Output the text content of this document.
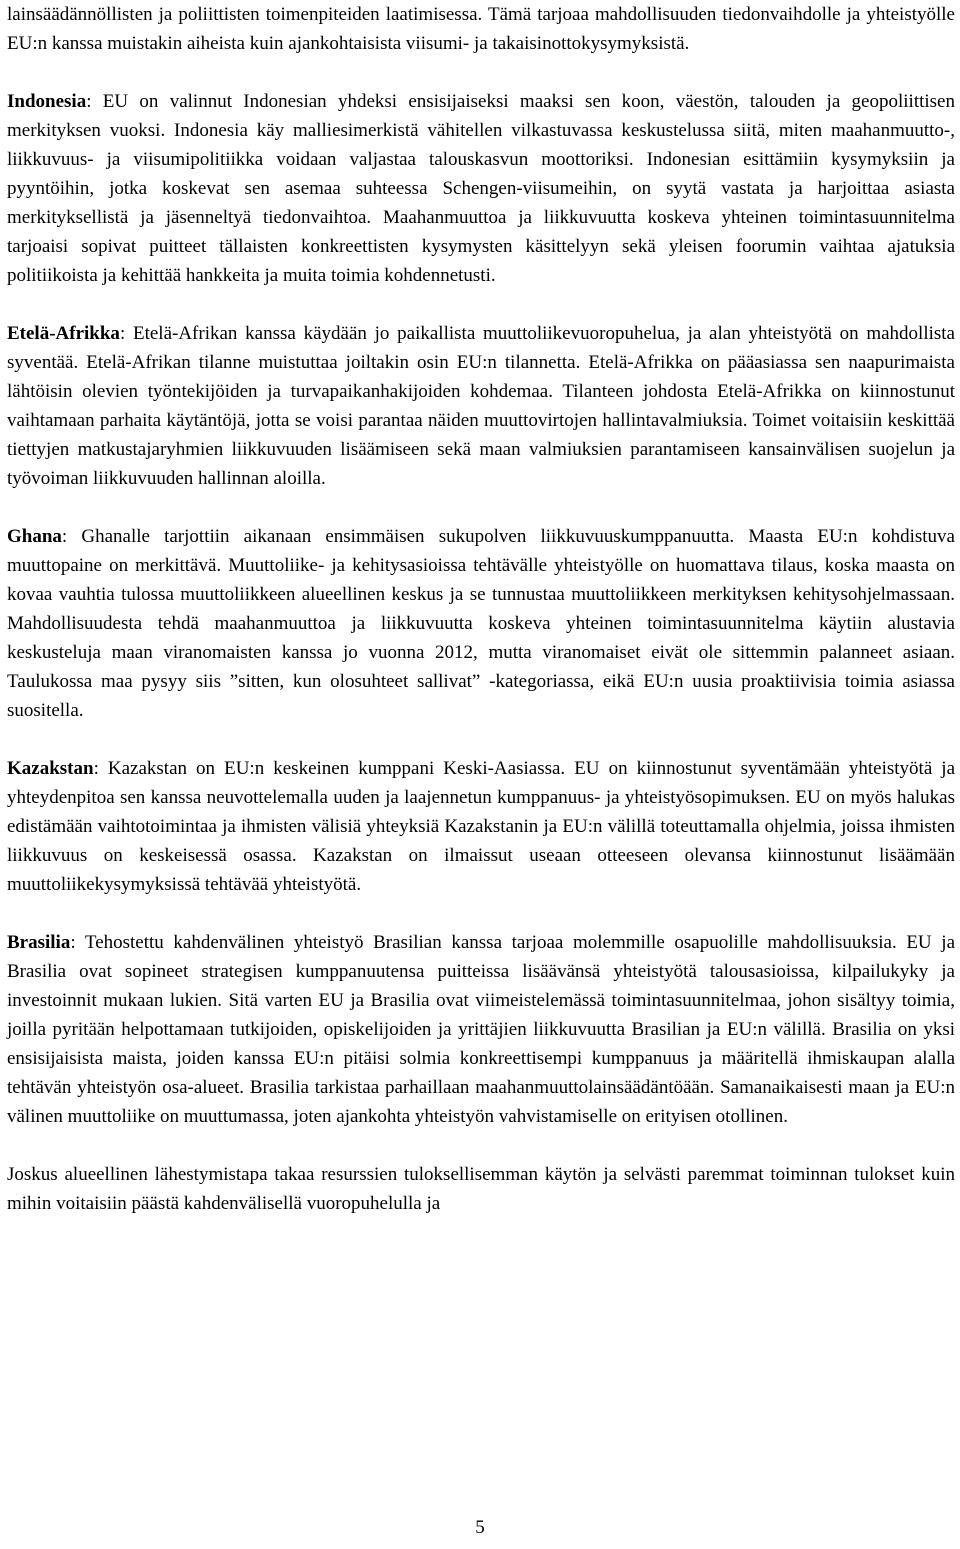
lainsäädännöllisten ja poliittisten toimenpiteiden laatimisessa. Tämä tarjoaa mahdollisuuden tiedonvaihdolle ja yhteistyölle EU:n kanssa muistakin aiheista kuin ajankohtaisista viisumi- ja takaisinottokysymyksistä.

Indonesia: EU on valinnut Indonesian yhdeksi ensisijaiseksi maaksi sen koon, väestön, talouden ja geopoliittisen merkityksen vuoksi. Indonesia käy malliesimerkistä vähitellen vilkastuvassa keskustelussa siitä, miten maahanmuutto-, liikkuvuus- ja viisumipolitiikka voidaan valjastaa talouskasvun moottoriksi. Indonesian esittämiin kysymyksiin ja pyyntöihin, jotka koskevat sen asemaa suhteessa Schengen-viisumeihin, on syytä vastata ja harjoittaa asiasta merkityksellistä ja jäsenneltyä tiedonvaihtoa. Maahanmuuttoa ja liikkuvuutta koskeva yhteinen toimintasuunnitelma tarjoaisi sopivat puitteet tällaisten konkreettisten kysymysten käsittelyyn sekä yleisen foorumin vaihtaa ajatuksia politiikoista ja kehittää hankkeita ja muita toimia kohdennetusti.

Etelä-Afrikka: Etelä-Afrikan kanssa käydään jo paikallista muuttoliikevuoropuhelua, ja alan yhteistyötä on mahdollista syventää. Etelä-Afrikan tilanne muistuttaa joiltakin osin EU:n tilannetta. Etelä-Afrikka on pääasiassa sen naapurimaista lähtöisin olevien työntekijöiden ja turvapaikanhakijoiden kohdemaa. Tilanteen johdosta Etelä-Afrikka on kiinnostunut vaihtamaan parhaita käytäntöjä, jotta se voisi parantaa näiden muuttovirtojen hallintavalmiuksia. Toimet voitaisiin keskittää tiettyjen matkustajaryhmien liikkuvuuden lisäämiseen sekä maan valmiuksien parantamiseen kansainvälisen suojelun ja työvoiman liikkuvuuden hallinnan aloilla.

Ghana: Ghanalle tarjottiin aikanaan ensimmäisen sukupolven liikkuvuuskumppanuutta. Maasta EU:n kohdistuva muuttopaine on merkittävä. Muuttoliike- ja kehitysasioissa tehtävälle yhteistyölle on huomattava tilaus, koska maasta on kovaa vauhtia tulossa muuttoliikkeen alueellinen keskus ja se tunnustaa muuttoliikkeen merkityksen kehitysohjelmassaan. Mahdollisuudesta tehdä maahanmuuttoa ja liikkuvuutta koskeva yhteinen toimintasuunnitelma käytiin alustavia keskusteluja maan viranomaisten kanssa jo vuonna 2012, mutta viranomaiset eivät ole sittemmin palanneet asiaan. Taulukossa maa pysyy siis ”sitten, kun olosuhteet sallivat” -kategoriassa, eikä EU:n uusia proaktiivisia toimia asiassa suositella.

Kazakstan: Kazakstan on EU:n keskeinen kumppani Keski-Aasiassa. EU on kiinnostunut syventämään yhteistyötä ja yhteydenpitoa sen kanssa neuvottelemalla uuden ja laajennetun kumppanuus- ja yhteistyösopimuksen. EU on myös halukas edistämään vaihtotoimintaa ja ihmisten välisiä yhteyksiä Kazakstanin ja EU:n välillä toteuttamalla ohjelmia, joissa ihmisten liikkuvuus on keskeisessä osassa. Kazakstan on ilmaissut useaan otteeseen olevansa kiinnostunut lisäämään muuttoliikekysymyksissä tehtävää yhteistyötä.

Brasilia: Tehostettu kahdenvälinen yhteistyö Brasilian kanssa tarjoaa molemmille osapuolille mahdollisuuksia. EU ja Brasilia ovat sopineet strategisen kumppanuutensa puitteissa lisäävänsä yhteistyötä talousasioissa, kilpailukyky ja investoinnit mukaan lukien. Sitä varten EU ja Brasilia ovat viimeistelemässä toimintasuunnitelmaa, johon sisältyy toimia, joilla pyritään helpottamaan tutkijoiden, opiskelijoiden ja yrittäjien liikkuvuutta Brasilian ja EU:n välillä. Brasilia on yksi ensisijaisista maista, joiden kanssa EU:n pitäisi solmia konkreettisempi kumppanuus ja määritellä ihmiskaupan alalla tehtävän yhteistyön osa-alueet. Brasilia tarkistaa parhaillaan maahanmuuttolainsäädäntöään. Samanaikaisesti maan ja EU:n välinen muuttoliike on muuttumassa, joten ajankohta yhteistyön vahvistamiselle on erityisen otollinen.

Joskus alueellinen lähestymistapa takaa resurssien tuloksellisemman käytön ja selvästi paremmat toiminnan tulokset kuin mihin voitaisiin päästä kahdenvälisellä vuoropuhelulla ja

5
